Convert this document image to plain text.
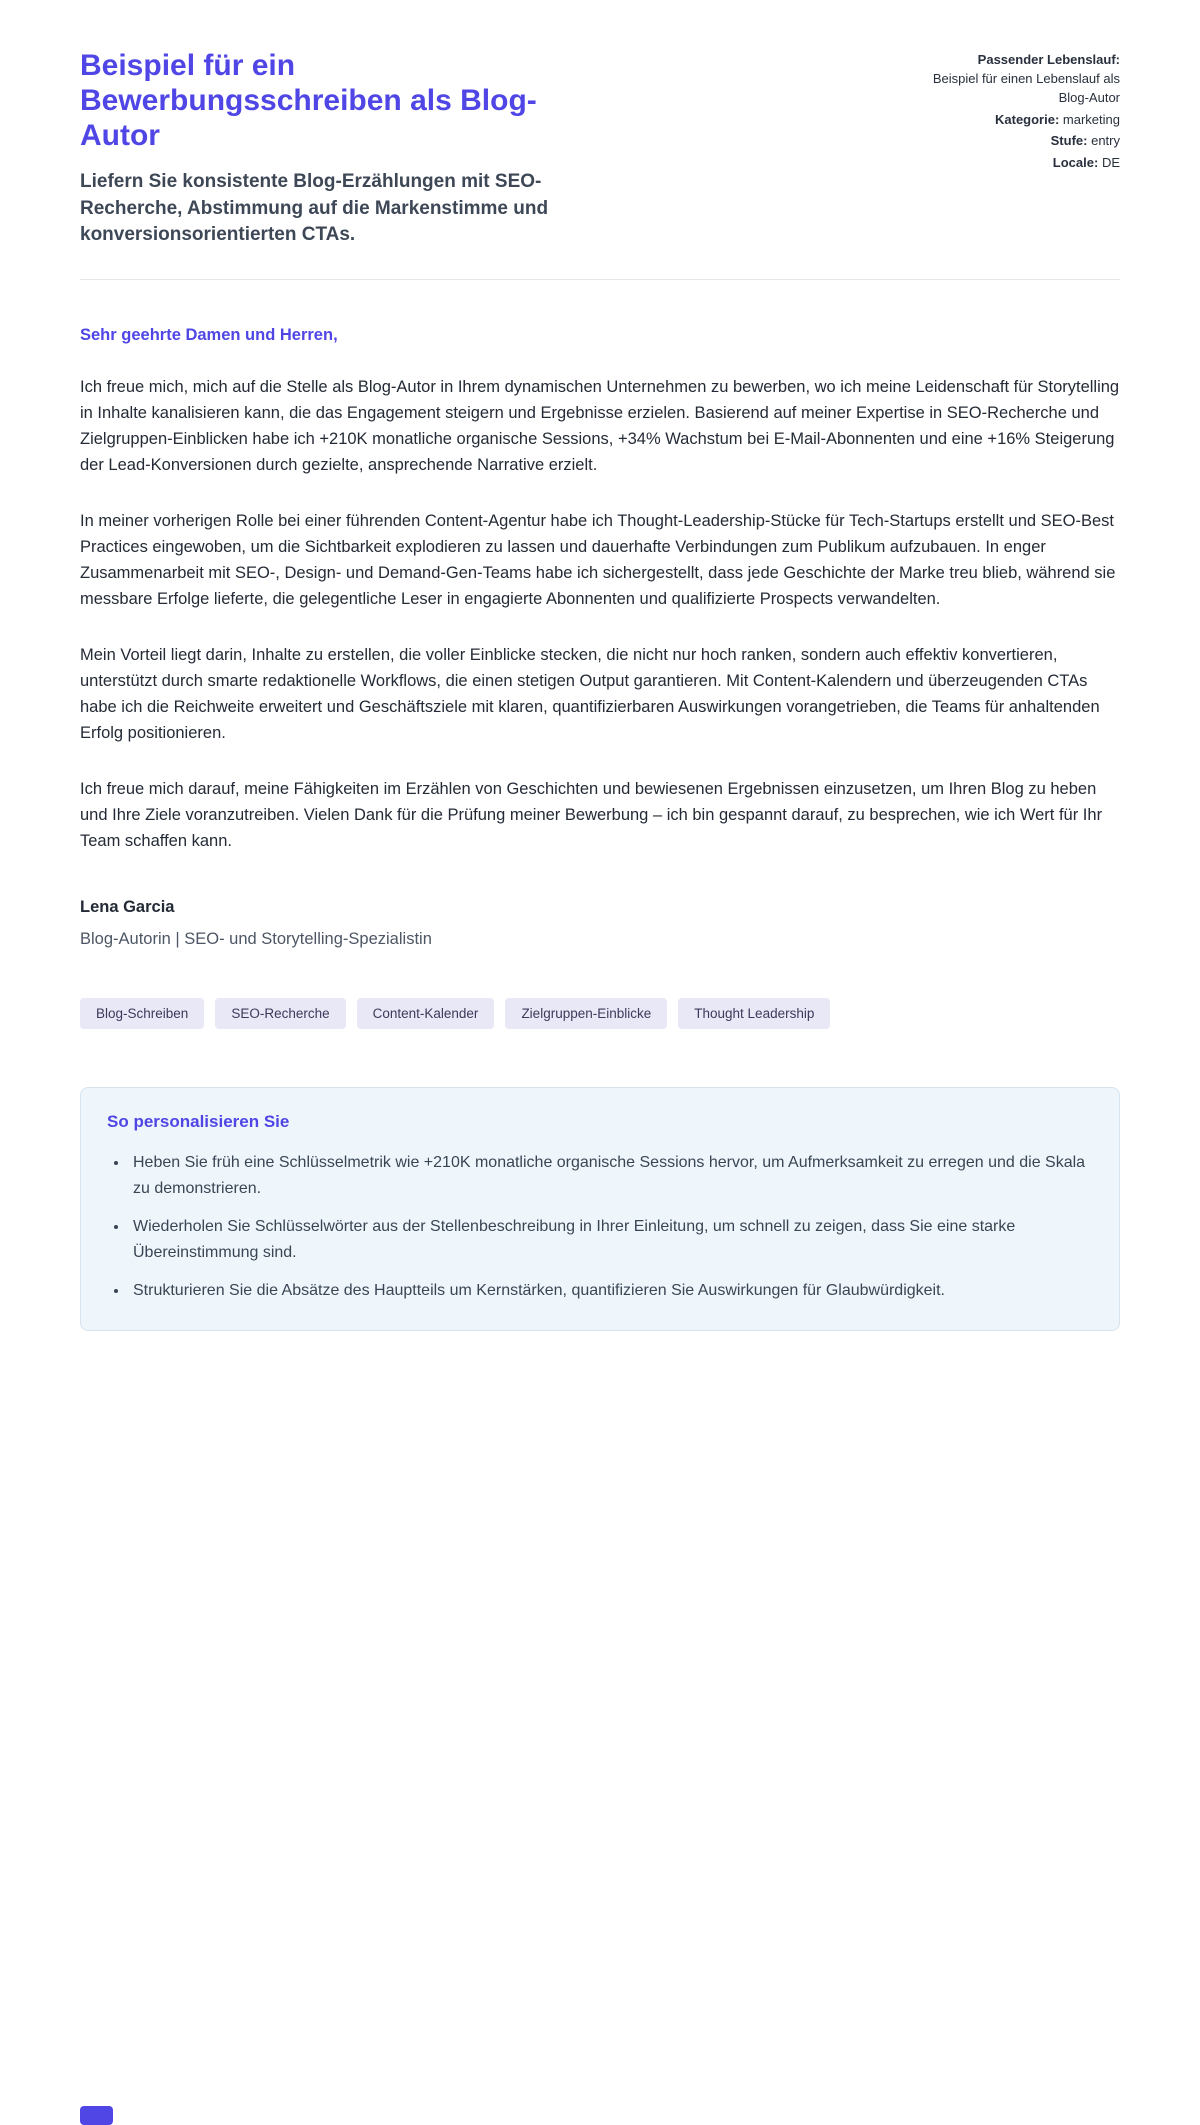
Beispiel für ein Bewerbungsschreiben als Blog-Autor

Liefern Sie konsistente Blog-Erzählungen mit SEO-Recherche, Abstimmung auf die Markenstimme und konversionsorientierten CTAs.

Passender Lebenslauf:
Beispiel für einen Lebenslauf als Blog-Autor
Kategorie: marketing
Stufe: entry
Locale: DE

Sehr geehrte Damen und Herren,

Ich freue mich, mich auf die Stelle als Blog-Autor in Ihrem dynamischen Unternehmen zu bewerben, wo ich meine Leidenschaft für Storytelling in Inhalte kanalisieren kann, die das Engagement steigern und Ergebnisse erzielen. Basierend auf meiner Expertise in SEO-Recherche und Zielgruppen-Einblicken habe ich +210K monatliche organische Sessions, +34% Wachstum bei E-Mail-Abonnenten und eine +16% Steigerung der Lead-Konversionen durch gezielte, ansprechende Narrative erzielt.

In meiner vorherigen Rolle bei einer führenden Content-Agentur habe ich Thought-Leadership-Stücke für Tech-Startups erstellt und SEO-Best Practices eingewoben, um die Sichtbarkeit explodieren zu lassen und dauerhafte Verbindungen zum Publikum aufzubauen. In enger Zusammenarbeit mit SEO-, Design- und Demand-Gen-Teams habe ich sichergestellt, dass jede Geschichte der Marke treu blieb, während sie messbare Erfolge lieferte, die gelegentliche Leser in engagierte Abonnenten und qualifizierte Prospects verwandelten.

Mein Vorteil liegt darin, Inhalte zu erstellen, die voller Einblicke stecken, die nicht nur hoch ranken, sondern auch effektiv konvertieren, unterstützt durch smarte redaktionelle Workflows, die einen stetigen Output garantieren. Mit Content-Kalendern und überzeugenden CTAs habe ich die Reichweite erweitert und Geschäftsziele mit klaren, quantifizierbaren Auswirkungen vorangetrieben, die Teams für anhaltenden Erfolg positionieren.

Ich freue mich darauf, meine Fähigkeiten im Erzählen von Geschichten und bewiesenen Ergebnissen einzusetzen, um Ihren Blog zu heben und Ihre Ziele voranzutreiben. Vielen Dank für die Prüfung meiner Bewerbung – ich bin gespannt darauf, zu besprechen, wie ich Wert für Ihr Team schaffen kann.

Lena Garcia

Blog-Autorin | SEO- und Storytelling-Spezialistin

Blog-Schreiben	SEO-Recherche	Content-Kalender	Zielgruppen-Einblicke	Thought Leadership
So personalisieren Sie
• Heben Sie früh eine Schlüsselmetrik wie +210K monatliche organische Sessions hervor, um Aufmerksamkeit zu erregen und die Skala zu demonstrieren.
• Wiederholen Sie Schlüsselwörter aus der Stellenbeschreibung in Ihrer Einleitung, um schnell zu zeigen, dass Sie eine starke Übereinstimmung sind.
• Strukturieren Sie die Absätze des Hauptteils um Kernstärken, quantifizieren Sie Auswirkungen für Glaubwürdigkeit.
